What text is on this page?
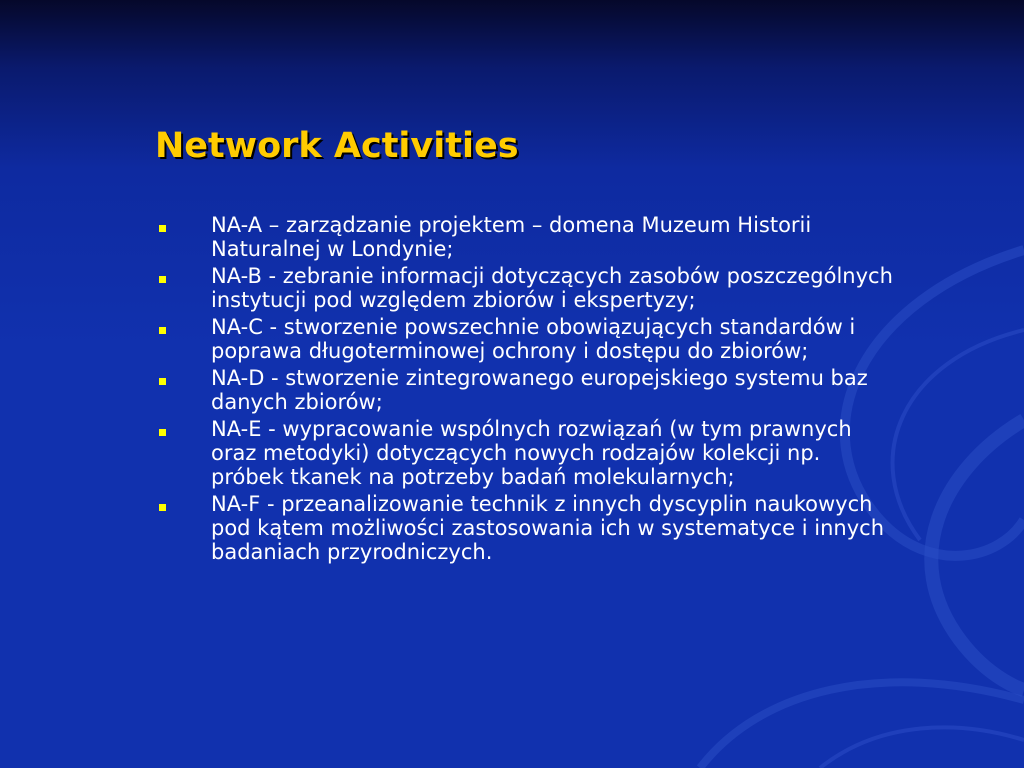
Network Activities
NA-A – zarządzanie projektem – domena Muzeum Historii Naturalnej w Londynie;
NA-B - zebranie informacji dotyczących zasobów poszczególnych instytucji pod względem zbiorów i ekspertyzy;
NA-C - stworzenie powszechnie obowiązujących standardów i poprawa długoterminowej ochrony i dostępu do zbiorów;
NA-D - stworzenie zintegrowanego europejskiego systemu baz danych zbiorów;
NA-E - wypracowanie wspólnych rozwiązań (w tym prawnych oraz metodyki) dotyczących nowych rodzajów kolekcji np. próbek tkanek na potrzeby badań molekularnych;
NA-F - przeanalizowanie technik z innych dyscyplin naukowych pod kątem możliwości zastosowania ich w systematyce i innych badaniach przyrodniczych.
